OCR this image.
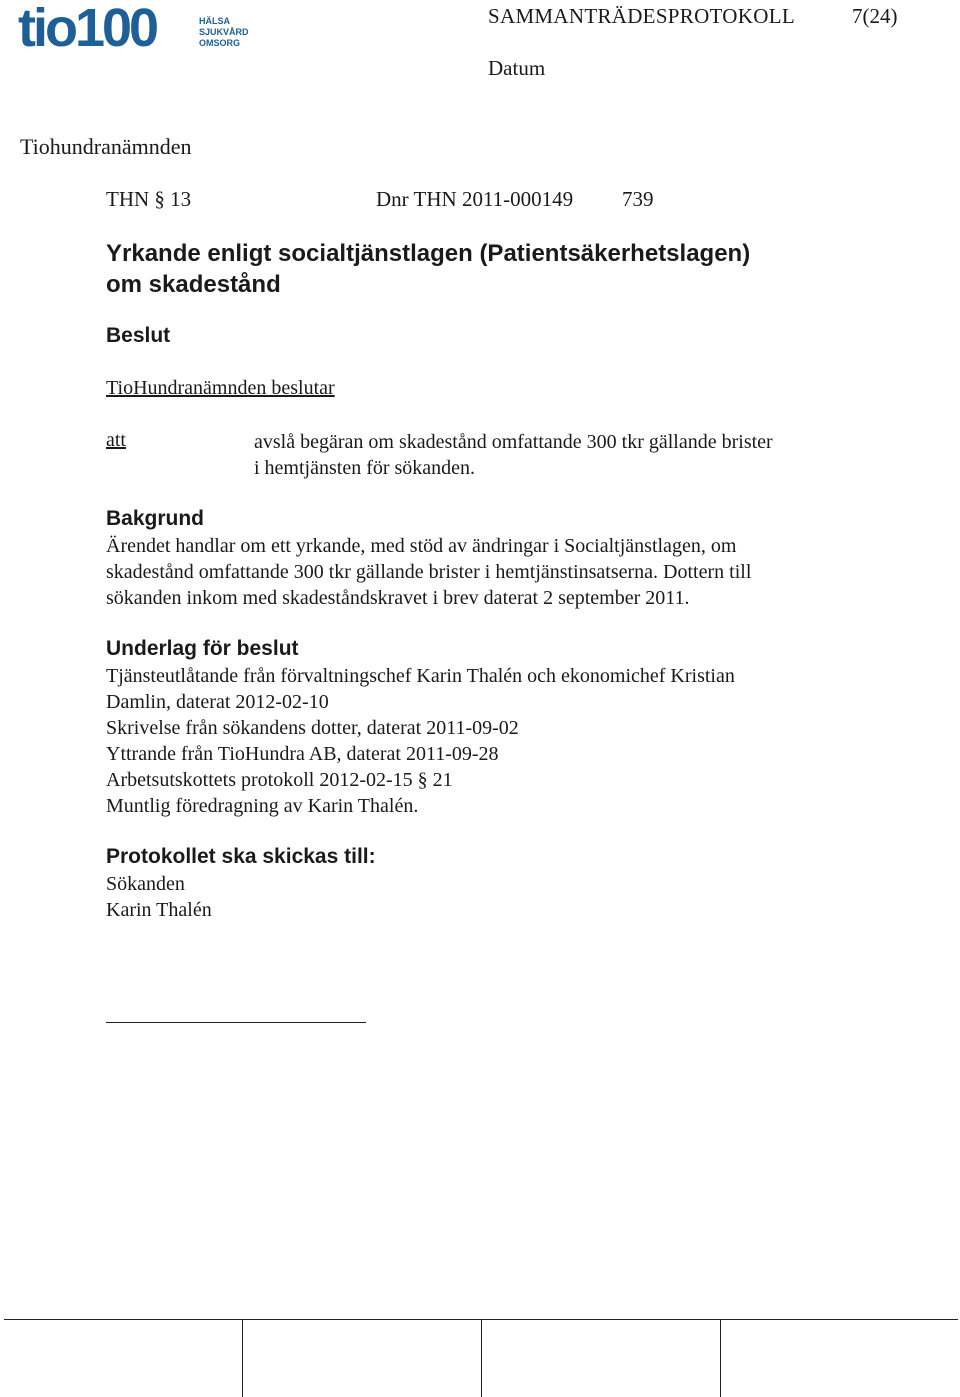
tio100	HÄLSA
SJUKVÅRD
OMSORG
SAMMANTRÄDESPROTOKOLL	7(24)
Datum
Tiohundranämnden
THN § 13	Dnr THN 2011-000149 739
Yrkande enligt socialtjänstlagen (Patientsäkerhetslagen)
om skadestånd
Beslut
TioHundranämnden beslutar
att	avslå begäran om skadestånd omfattande 300 tkr gällande brister
i hemtjänsten för sökanden.
Bakgrund
Ärendet handlar om ett yrkande, med stöd av ändringar i Socialtjänstlagen, om
skadestånd omfattande 300 tkr gällande brister i hemtjänstinsatserna. Dottern till
sökanden inkom med skadeståndskravet i brev daterat 2 september 2011.
Underlag för beslut
Tjänsteutlåtande från förvaltningschef Karin Thalén och ekonomichef Kristian
Damlin, daterat 2012-02-10
Skrivelse från sökandens dotter, daterat 2011-09-02
Yttrande från TioHundra AB, daterat 2011-09-28
Arbetsutskottets protokoll 2012-02-15 § 21
Muntlig föredragning av Karin Thalén.
Protokollet ska skickas till:
Sökanden
Karin Thalén
